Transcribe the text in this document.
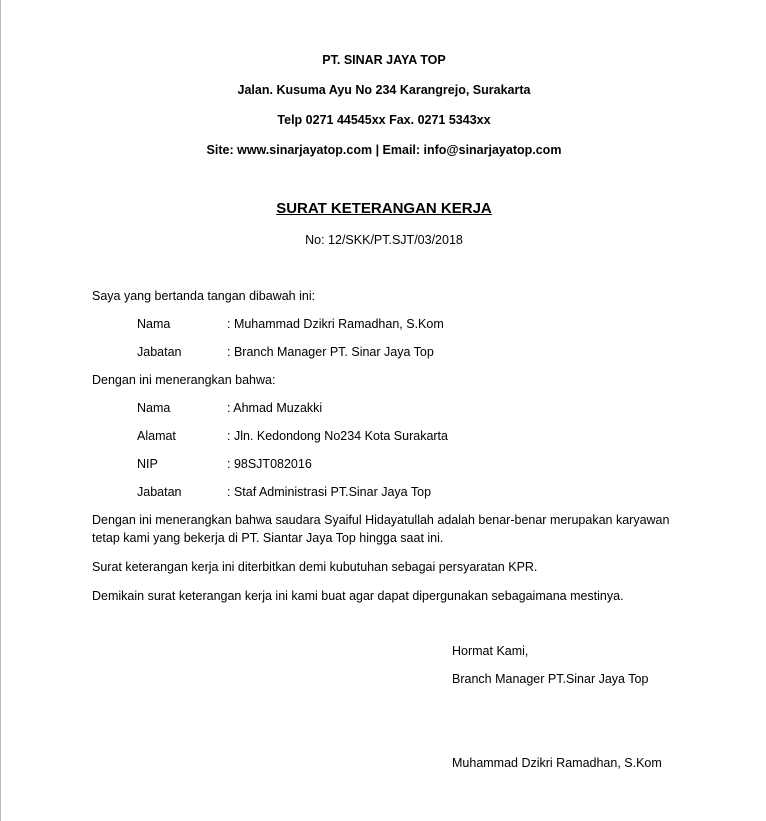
PT. SINAR JAYA TOP
Jalan. Kusuma Ayu No 234 Karangrejo, Surakarta
Telp 0271 44545xx Fax. 0271 5343xx
Site: www.sinarjayatop.com | Email: info@sinarjayatop.com
SURAT KETERANGAN KERJA
No: 12/SKK/PT.SJT/03/2018
Saya yang bertanda tangan dibawah ini:
Nama	: Muhammad Dzikri Ramadhan, S.Kom
Jabatan	: Branch Manager PT. Sinar Jaya Top
Dengan ini menerangkan bahwa:
Nama	: Ahmad Muzakki
Alamat	: Jln. Kedondong No234 Kota Surakarta
NIP	: 98SJT082016
Jabatan	: Staf Administrasi PT.Sinar Jaya Top
Dengan ini menerangkan bahwa saudara Syaiful Hidayatullah adalah benar-benar merupakan karyawan tetap kami yang bekerja di PT. Siantar Jaya Top hingga saat ini.
Surat keterangan kerja ini diterbitkan demi kubutuhan sebagai persyaratan KPR.
Demikain surat keterangan kerja ini kami buat agar dapat dipergunakan sebagaimana mestinya.
Hormat Kami,
Branch Manager PT.Sinar Jaya Top
Muhammad Dzikri Ramadhan, S.Kom
